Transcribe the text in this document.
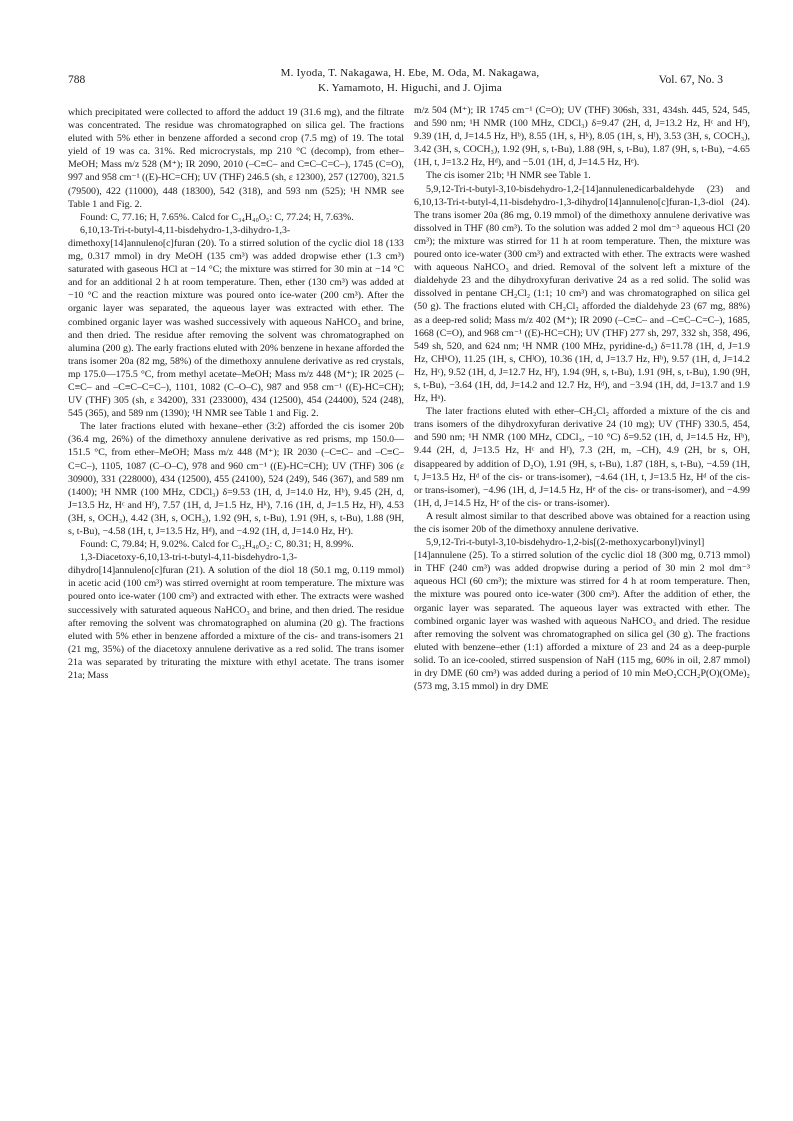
788
M. Iyoda, T. Nakagawa, H. Ebe, M. Oda, M. Nakagawa,
K. Yamamoto, H. Higuchi, and J. Ojima
Vol. 67, No. 3

which precipitated were collected to afford the adduct 19 (31.6 mg), and the filtrate was concentrated. The residue was chromatographed on silica gel. The fractions eluted with 5% ether in benzene afforded a second crop (7.5 mg) of 19. The total yield of 19 was ca. 31%. Red microcrystals, mp 210 °C (decomp), from ether–MeOH; Mass m/z 528 (M⁺); IR 2090, 2010 (–C≡C– and C≡C–C=C–), 1745 (C=O), 997 and 958 cm⁻¹ ((E)-HC=CH); UV (THF) 246.5 (sh, ε 12300), 257 (12700), 321.5 (79500), 422 (11000), 448 (18300), 542 (318), and 593 nm (525); ¹H NMR see Table 1 and Fig. 2.

Found: C, 77.16; H, 7.65%. Calcd for C₃₄H₄₀O₅: C, 77.24; H, 7.63%.

6,10,13-Tri-t-butyl-4,11-bisdehydro-1,3-dihydro-1,3-dimethoxy[14]annuleno[c]furan (20). To a stirred solution of the cyclic diol 18 (133 mg, 0.317 mmol) in dry MeOH (135 cm³) was added dropwise ether (1.3 cm³) saturated with gaseous HCl at −14 °C; the mixture was stirred for 30 min at −14 °C and for an additional 2 h at room temperature. Then, ether (130 cm³) was added at −10 °C and the reaction mixture was poured onto ice-water (200 cm³). After the organic layer was separated, the aqueous layer was extracted with ether. The combined organic layer was washed successively with aqueous NaHCO₃ and brine, and then dried. The residue after removing the solvent was chromatographed on alumina (200 g). The early fractions eluted with 20% benzene in hexane afforded the trans isomer 20a (82 mg, 58%) of the dimethoxy annulene derivative as red crystals, mp 175.0—175.5 °C, from methyl acetate–MeOH; Mass m/z 448 (M⁺); IR 2025 (–C≡C– and –C≡C–C=C–), 1101, 1082 (C–O–C), 987 and 958 cm⁻¹ ((E)-HC=CH); UV (THF) 305 (sh, ε 34200), 331 (233000), 434 (12500), 454 (24400), 524 (248), 545 (365), and 589 nm (1390); ¹H NMR see Table 1 and Fig. 2.

The later fractions eluted with hexane–ether (3:2) afforded the cis isomer 20b (36.4 mg, 26%) of the dimethoxy annulene derivative as red prisms, mp 150.0—151.5 °C, from ether–MeOH; Mass m/z 448 (M⁺); IR 2030 (–C≡C– and –C≡C–C=C–), 1105, 1087 (C–O–C), 978 and 960 cm⁻¹ ((E)-HC=CH); UV (THF) 306 (ε 30900), 331 (228000), 434 (12500), 455 (24100), 524 (249), 546 (367), and 589 nm (1400); ¹H NMR (100 MHz, CDCl₃) δ=9.53 (1H, d, J=14.0 Hz, Hᵇ), 9.45 (2H, d, J=13.5 Hz, Hᶜ and Hᶠ), 7.57 (1H, d, J=1.5 Hz, Hᵏ), 7.16 (1H, d, J=1.5 Hz, Hˡ), 4.53 (3H, s, OCH₃), 4.42 (3H, s, OCH₃), 1.92 (9H, s, t-Bu), 1.91 (9H, s, t-Bu), 1.88 (9H, s, t-Bu), −4.58 (1H, t, J=13.5 Hz, Hᵈ), and −4.92 (1H, d, J=14.0 Hz, Hᵉ).

Found: C, 79.84; H, 9.02%. Calcd for C₃₂H₄₀O₂: C, 80.31; H, 8.99%.

1,3-Diacetoxy-6,10,13-tri-t-butyl-4,11-bisdehydro-1,3-dihydro[14]annuleno[c]furan (21). A solution of the diol 18 (50.1 mg, 0.119 mmol) in acetic acid (100 cm³) was stirred overnight at room temperature. The mixture was poured onto ice-water (100 cm³) and extracted with ether. The extracts were washed successively with saturated aqueous NaHCO₃ and brine, and then dried. The residue after removing the solvent was chromatographed on alumina (20 g). The fractions eluted with 5% ether in benzene afforded a mixture of the cis- and trans-isomers 21 (21 mg, 35%) of the diacetoxy annulene derivative as a red solid. The trans isomer 21a was separated by triturating the mixture with ethyl acetate. The trans isomer 21a; Mass

m/z 504 (M⁺); IR 1745 cm⁻¹ (C=O); UV (THF) 306sh, 331, 434sh. 445, 524, 545, and 590 nm; ¹H NMR (100 MHz, CDCl₃) δ=9.47 (2H, d, J=13.2 Hz, Hᶜ and Hᶠ), 9.39 (1H, d, J=14.5 Hz, Hᵇ), 8.55 (1H, s, Hᵏ), 8.05 (1H, s, Hˡ), 3.53 (3H, s, COCH₃), 3.42 (3H, s, COCH₃), 1.92 (9H, s, t-Bu), 1.88 (9H, s, t-Bu), 1.87 (9H, s, t-Bu), −4.65 (1H, t, J=13.2 Hz, Hᵈ), and −5.01 (1H, d, J=14.5 Hz, Hᵉ).

The cis isomer 21b; ¹H NMR see Table 1.

5,9,12-Tri-t-butyl-3,10-bisdehydro-1,2-[14]annulenedicarbaldehyde (23) and 6,10,13-Tri-t-butyl-4,11-bisdehydro-1,3-dihydro[14]annuleno[c]furan-1,3-diol (24). The trans isomer 20a (86 mg, 0.19 mmol) of the dimethoxy annulene derivative was dissolved in THF (80 cm³). To the solution was added 2 mol dm⁻³ aqueous HCl (20 cm³); the mixture was stirred for 11 h at room temperature. Then, the mixture was poured onto ice-water (300 cm³) and extracted with ether. The extracts were washed with aqueous NaHCO₃ and dried. Removal of the solvent left a mixture of the dialdehyde 23 and the dihydroxyfuran derivative 24 as a red solid. The solid was dissolved in pentane CH₂Cl₂ (1:1; 10 cm³) and was chromatographed on silica gel (50 g). The fractions eluted with CH₂Cl₂ afforded the dialdehyde 23 (67 mg, 88%) as a deep-red solid; Mass m/z 402 (M⁺); IR 2090 (–C≡C– and –C≡C–C=C–), 1685, 1668 (C=O), and 968 cm⁻¹ ((E)-HC=CH); UV (THF) 277 sh, 297, 332 sh, 358, 496, 549 sh, 520, and 624 nm; ¹H NMR (100 MHz, pyridine-d₅) δ=11.78 (1H, d, J=1.9 Hz, CHᵏO), 11.25 (1H, s, CHˡO), 10.36 (1H, d, J=13.7 Hz, Hᵇ), 9.57 (1H, d, J=14.2 Hz, Hᶜ), 9.52 (1H, d, J=12.7 Hz, Hᶠ), 1.94 (9H, s, t-Bu), 1.91 (9H, s, t-Bu), 1.90 (9H, s, t-Bu), −3.64 (1H, dd, J=14.2 and 12.7 Hz, Hᵈ), and −3.94 (1H, dd, J=13.7 and 1.9 Hz, Hᵃ).

The later fractions eluted with ether–CH₂Cl₂ afforded a mixture of the cis and trans isomers of the dihydroxyfuran derivative 24 (10 mg); UV (THF) 330.5, 454, and 590 nm; ¹H NMR (100 MHz, CDCl₃, −10 °C) δ=9.52 (1H, d, J=14.5 Hz, Hᵇ), 9.44 (2H, d, J=13.5 Hz, Hᶜ and Hᶠ), 7.3 (2H, m, –CH), 4.9 (2H, br s, OH, disappeared by addition of D₂O), 1.91 (9H, s, t-Bu), 1.87 (18H, s, t-Bu), −4.59 (1H, t, J=13.5 Hz, Hᵈ of the cis- or trans-isomer), −4.64 (1H, t, J=13.5 Hz, Hᵈ of the cis- or trans-isomer), −4.96 (1H, d, J=14.5 Hz, Hᵉ of the cis- or trans-isomer), and −4.99 (1H, d, J=14.5 Hz, Hᵉ of the cis- or trans-isomer).

A result almost similar to that described above was obtained for a reaction using the cis isomer 20b of the dimethoxy annulene derivative.

5,9,12-Tri-t-butyl-3,10-bisdehydro-1,2-bis[(2-methoxycarbonyl)vinyl][14]annulene (25). To a stirred solution of the cyclic diol 18 (300 mg, 0.713 mmol) in THF (240 cm³) was added dropwise during a period of 30 min 2 mol dm⁻³ aqueous HCl (60 cm³); the mixture was stirred for 4 h at room temperature. Then, the mixture was poured onto ice-water (300 cm³). After the addition of ether, the organic layer was separated. The aqueous layer was extracted with ether. The combined organic layer was washed with aqueous NaHCO₃ and dried. The residue after removing the solvent was chromatographed on silica gel (30 g). The fractions eluted with benzene–ether (1:1) afforded a mixture of 23 and 24 as a deep-purple solid. To an ice-cooled, stirred suspension of NaH (115 mg, 60% in oil, 2.87 mmol) in dry DME (60 cm³) was added during a period of 10 min MeO₂CCH₂P(O)(OMe)₂ (573 mg, 3.15 mmol) in dry DME
